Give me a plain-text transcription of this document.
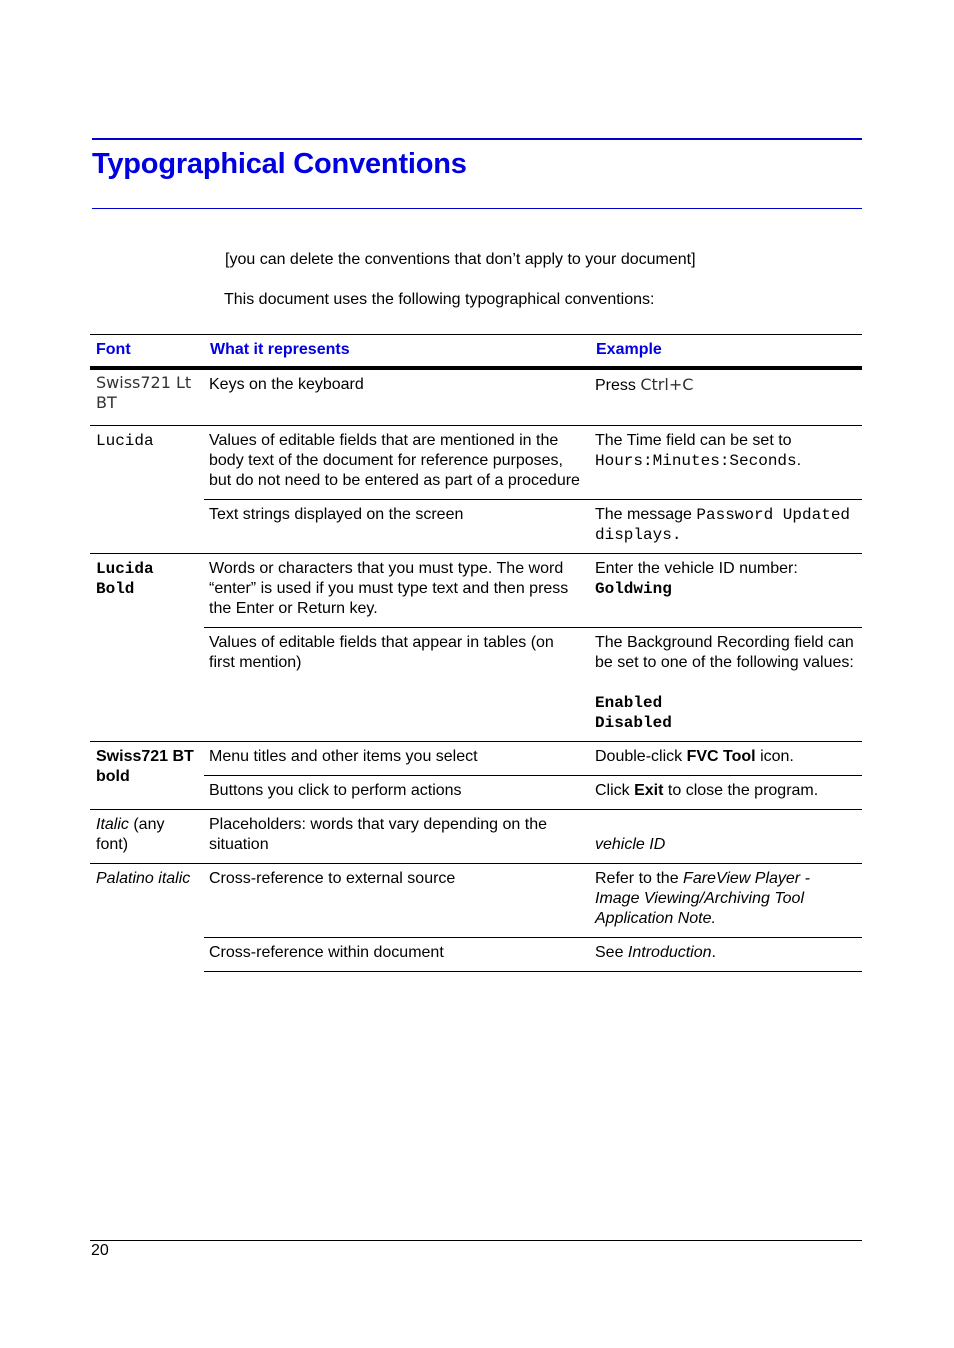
Typographical Conventions

[you can delete the conventions that don’t apply to your document]

This document uses the following typographical conventions:

Font	What it represents	Example
Swiss721 Lt BT	Keys on the keyboard	Press Ctrl+C
Lucida	Values of editable fields that are mentioned in the body text of the document for reference purposes, but do not need to be entered as part of a procedure	The Time field can be set to Hours:Minutes:Seconds.
	Text strings displayed on the screen	The message Password Updated displays.
Lucida Bold	Words or characters that you must type. The word “enter” is used if you must type text and then press the Enter or Return key.	Enter the vehicle ID number:
Goldwing
	Values of editable fields that appear in tables (on first mention)	The Background Recording field can be set to one of the following values:
Enabled
Disabled
Swiss721 BT bold	Menu titles and other items you select	Double-click FVC Tool icon.
	Buttons you click to perform actions	Click Exit to close the program.
Italic (any font)	Placeholders: words that vary depending on the situation	vehicle ID
Palatino italic	Cross-reference to external source	Refer to the FareView Player - Image Viewing/Archiving Tool Application Note.
	Cross-reference within document	See Introduction.
20
